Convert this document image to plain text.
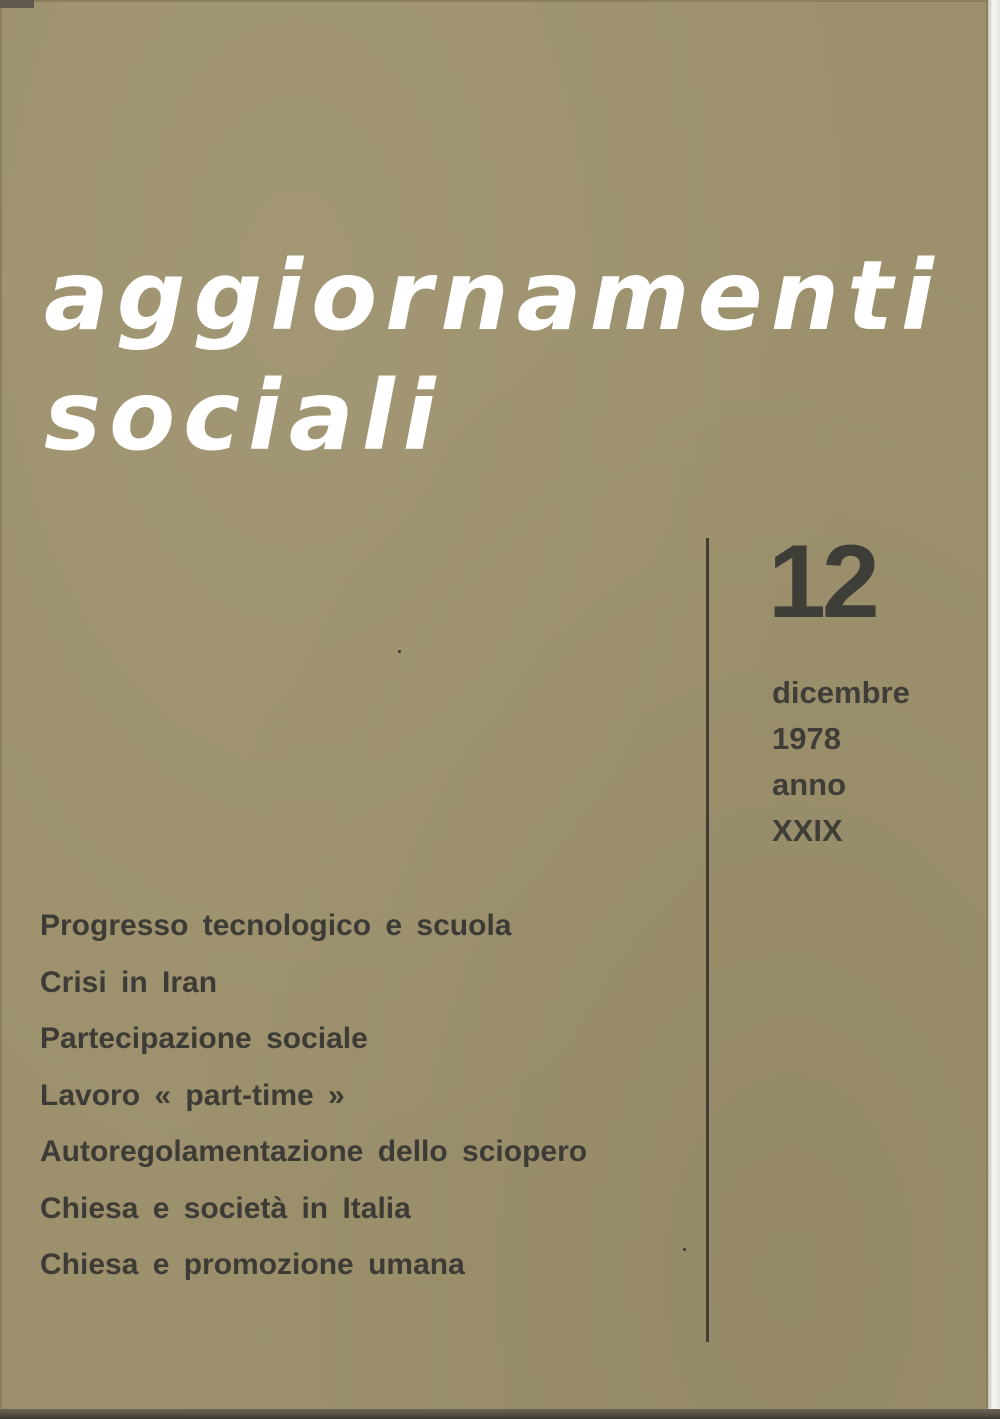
aggiornamenti
sociali
12
dicembre
1978
anno
XXIX
Progresso tecnologico e scuola
Crisi in Iran
Partecipazione sociale
Lavoro « part-time »
Autoregolamentazione dello sciopero
Chiesa e società in Italia
Chiesa e promozione umana
